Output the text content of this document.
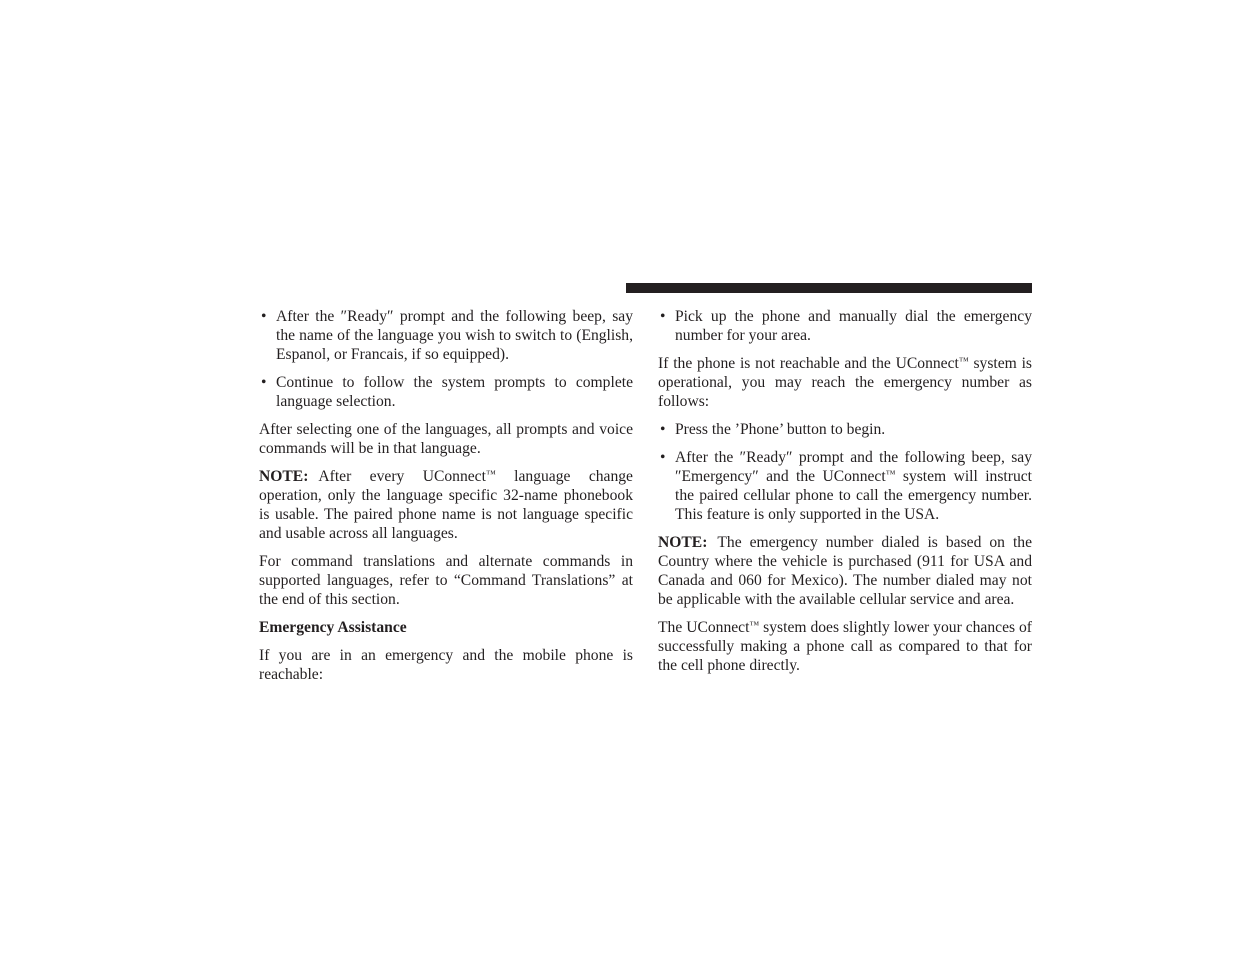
• After the ″Ready″ prompt and the following beep, say the name of the language you wish to switch to (English, Espanol, or Francais, if so equipped).
• Continue to follow the system prompts to complete language selection.

After selecting one of the languages, all prompts and voice commands will be in that language.

NOTE: After every UConnect™ language change operation, only the language specific 32-name phonebook is usable. The paired phone name is not language specific and usable across all languages.

For command translations and alternate commands in supported languages, refer to “Command Translations” at the end of this section.

Emergency Assistance

If you are in an emergency and the mobile phone is reachable:

• Pick up the phone and manually dial the emergency number for your area.

If the phone is not reachable and the UConnect™ system is operational, you may reach the emergency number as follows:

• Press the ’Phone’ button to begin.
• After the ″Ready″ prompt and the following beep, say ″Emergency″ and the UConnect™ system will instruct the paired cellular phone to call the emergency number. This feature is only supported in the USA.

NOTE: The emergency number dialed is based on the Country where the vehicle is purchased (911 for USA and Canada and 060 for Mexico). The number dialed may not be applicable with the available cellular service and area.

The UConnect™ system does slightly lower your chances of successfully making a phone call as compared to that for the cell phone directly.
